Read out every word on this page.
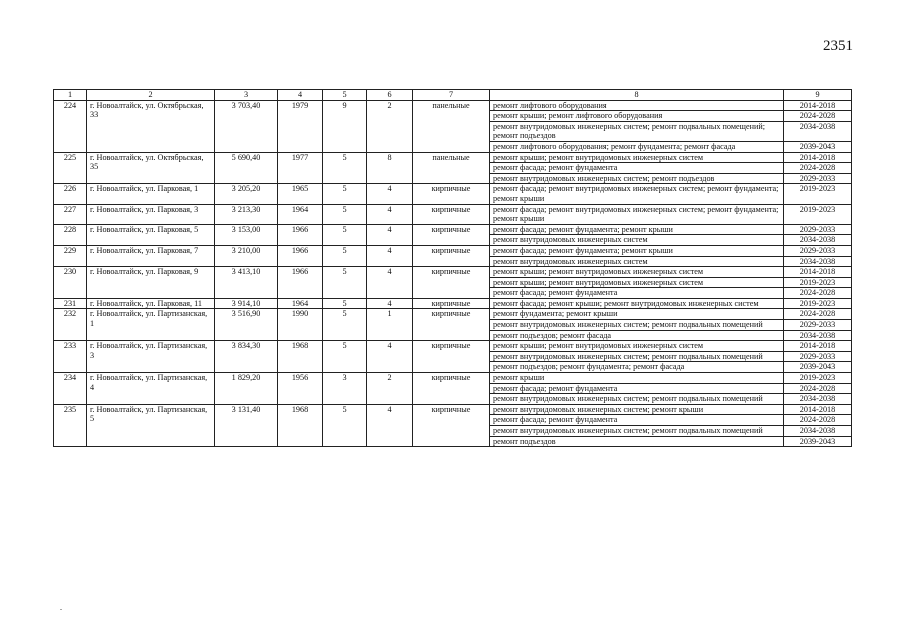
2351
1	2	3	4	5	6	7	8	9
224	г. Новоалтайск, ул. Октябрьская, 33	3 703,40	1979	9	2	панельные	ремонт лифтового оборудования	2014-2018
							ремонт крыши; ремонт лифтового оборудования	2024-2028
							ремонт внутридомовых инженерных систем; ремонт подвальных помещений; ремонт подъездов	2034-2038
							ремонт лифтового оборудования; ремонт фундамента; ремонт фасада	2039-2043
225	г. Новоалтайск, ул. Октябрьская, 35	5 690,40	1977	5	8	панельные	ремонт крыши; ремонт внутридомовых инженерных систем	2014-2018
							ремонт фасада; ремонт фундамента	2024-2028
							ремонт внутридомовых инженерных систем; ремонт подъездов	2029-2033
226	г. Новоалтайск, ул. Парковая, 1	3 205,20	1965	5	4	кирпичные	ремонт фасада; ремонт внутридомовых инженерных систем; ремонт фундамента; ремонт крыши	2019-2023
227	г. Новоалтайск, ул. Парковая, 3	3 213,30	1964	5	4	кирпичные	ремонт фасада; ремонт внутридомовых инженерных систем; ремонт фундамента; ремонт крыши	2019-2023
228	г. Новоалтайск, ул. Парковая, 5	3 153,00	1966	5	4	кирпичные	ремонт фасада; ремонт фундамента; ремонт крыши	2029-2033
							ремонт внутридомовых инженерных систем	2034-2038
229	г. Новоалтайск, ул. Парковая, 7	3 210,00	1966	5	4	кирпичные	ремонт фасада; ремонт фундамента; ремонт крыши	2029-2033
							ремонт внутридомовых инженерных систем	2034-2038
230	г. Новоалтайск, ул. Парковая, 9	3 413,10	1966	5	4	кирпичные	ремонт крыши; ремонт внутридомовых инженерных систем	2014-2018
							ремонт крыши; ремонт внутридомовых инженерных систем	2019-2023
							ремонт фасада; ремонт фундамента	2024-2028
231	г. Новоалтайск, ул. Парковая, 11	3 914,10	1964	5	4	кирпичные	ремонт фасада; ремонт крыши; ремонт внутридомовых инженерных систем	2019-2023
232	г. Новоалтайск, ул. Партизанская, 1	3 516,90	1990	5	1	кирпичные	ремонт фундамента; ремонт крыши	2024-2028
							ремонт внутридомовых инженерных систем; ремонт подвальных помещений	2029-2033
							ремонт подъездов; ремонт фасада	2034-2038
233	г. Новоалтайск, ул. Партизанская, 3	3 834,30	1968	5	4	кирпичные	ремонт крыши; ремонт внутридомовых инженерных систем	2014-2018
							ремонт внутридомовых инженерных систем; ремонт подвальных помещений	2029-2033
							ремонт подъездов; ремонт фундамента; ремонт фасада	2039-2043
234	г. Новоалтайск, ул. Партизанская, 4	1 829,20	1956	3	2	кирпичные	ремонт крыши	2019-2023
							ремонт фасада; ремонт фундамента	2024-2028
							ремонт внутридомовых инженерных систем; ремонт подвальных помещений	2034-2038
235	г. Новоалтайск, ул. Партизанская, 5	3 131,40	1968	5	4	кирпичные	ремонт внутридомовых инженерных систем; ремонт крыши	2014-2018
							ремонт фасада; ремонт фундамента	2024-2028
							ремонт внутридомовых инженерных систем; ремонт подвальных помещений	2034-2038
							ремонт подъездов	2039-2043
.
